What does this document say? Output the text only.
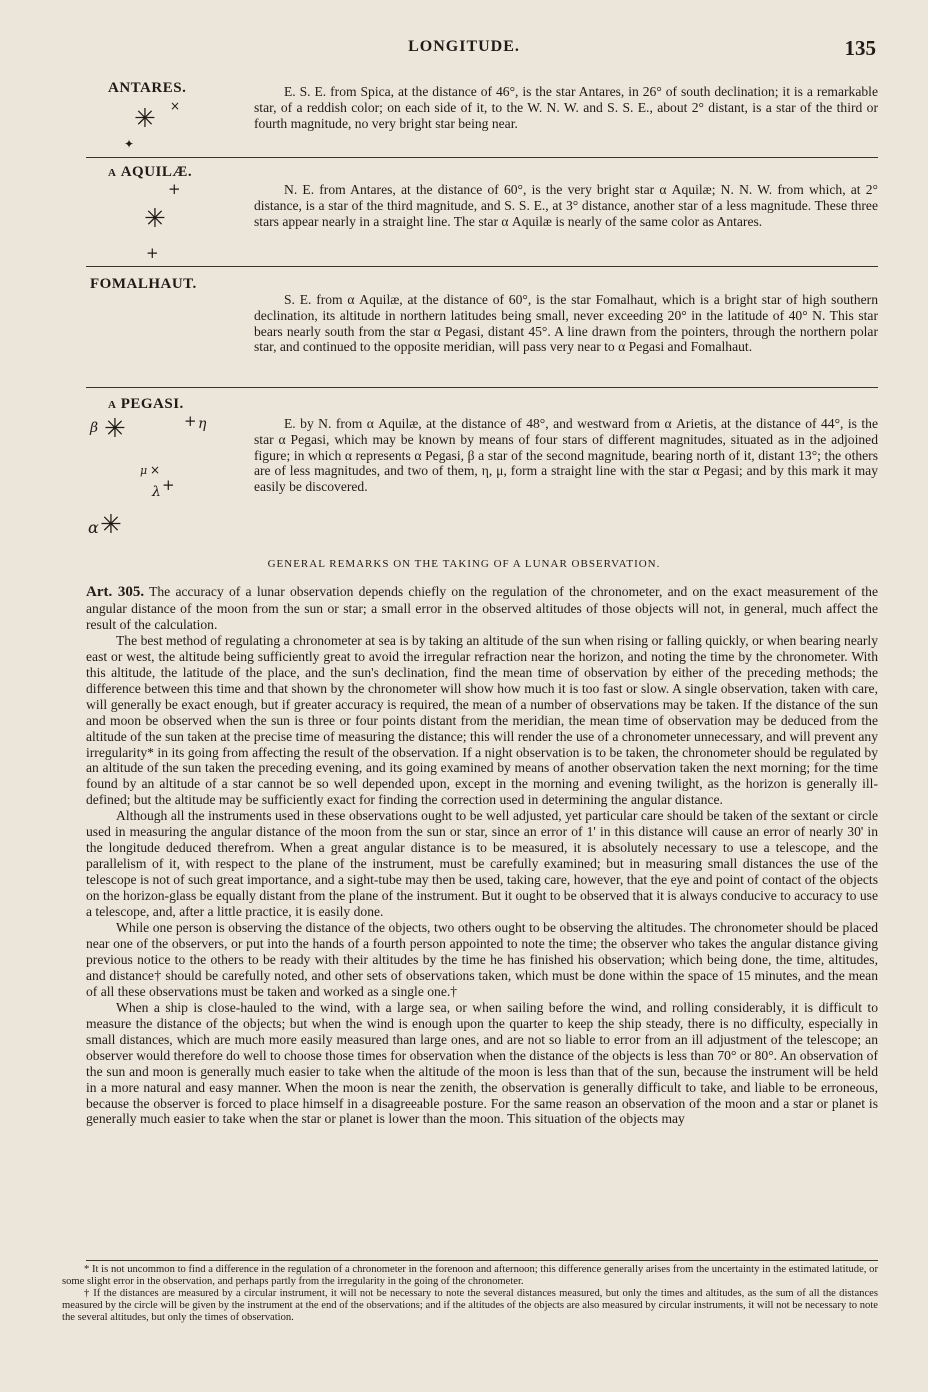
LONGITUDE.	135
ANTARES.
✳ ×
✦

E. S. E. from Spica, at the distance of 46°, is the star Antares, in 26° of south declination; it is a remarkable star, of a reddish color; on each side of it, to the W. N. W. and S. S. E., about 2° distant, is a star of the third or fourth magnitude, no very bright star being near.

α AQUILÆ.
+
✳
+

N. E. from Antares, at the distance of 60°, is the very bright star α Aquilæ; N. N. W. from which, at 2° distance, is a star of the third magnitude, and S. S. E., at 3° distance, another star of a less magnitude. These three stars appear nearly in a straight line. The star α Aquilæ is nearly of the same color as Antares.

FOMALHAUT.

S. E. from α Aquilæ, at the distance of 60°, is the star Fomalhaut, which is a bright star of high southern declination, its altitude in northern latitudes being small, never exceeding 20° in the latitude of 40° N. This star bears nearly south from the star α Pegasi, distant 45°. A line drawn from the pointers, through the northern polar star, and continued to the opposite meridian, will pass very near to α Pegasi and Fomalhaut.

α PEGASI.
β ✳	+ η
μ ×
λ +
α ✳

E. by N. from α Aquilæ, at the distance of 48°, and westward from α Arietis, at the distance of 44°, is the star α Pegasi, which may be known by means of four stars of different magnitudes, situated as in the adjoined figure; in which α represents α Pegasi, β a star of the second magnitude, bearing north of it, distant 13°; the others are of less magnitudes, and two of them, η, μ, form a straight line with the star α Pegasi; and by this mark it may easily be discovered.

GENERAL REMARKS ON THE TAKING OF A LUNAR OBSERVATION.

Art. 305. The accuracy of a lunar observation depends chiefly on the regulation of the chronometer, and on the exact measurement of the angular distance of the moon from the sun or star; a small error in the observed altitudes of those objects will not, in general, much affect the result of the calculation.

The best method of regulating a chronometer at sea is by taking an altitude of the sun when rising or falling quickly, or when bearing nearly east or west, the altitude being sufficiently great to avoid the irregular refraction near the horizon, and noting the time by the chronometer. With this altitude, the latitude of the place, and the sun's declination, find the mean time of observation by either of the preceding methods; the difference between this time and that shown by the chronometer will show how much it is too fast or slow. A single observation, taken with care, will generally be exact enough, but if greater accuracy is required, the mean of a number of observations may be taken. If the distance of the sun and moon be observed when the sun is three or four points distant from the meridian, the mean time of observation may be deduced from the altitude of the sun taken at the precise time of measuring the distance; this will render the use of a chronometer unnecessary, and will prevent any irregularity* in its going from affecting the result of the observation. If a night observation is to be taken, the chronometer should be regulated by an altitude of the sun taken the preceding evening, and its going examined by means of another observation taken the next morning; for the time found by an altitude of a star cannot be so well depended upon, except in the morning and evening twilight, as the horizon is generally ill-defined; but the altitude may be sufficiently exact for finding the correction used in determining the angular distance.

Although all the instruments used in these observations ought to be well adjusted, yet particular care should be taken of the sextant or circle used in measuring the angular distance of the moon from the sun or star, since an error of 1' in this distance will cause an error of nearly 30' in the longitude deduced therefrom. When a great angular distance is to be measured, it is absolutely necessary to use a telescope, and the parallelism of it, with respect to the plane of the instrument, must be carefully examined; but in measuring small distances the use of the telescope is not of such great importance, and a sight-tube may then be used, taking care, however, that the eye and point of contact of the objects on the horizon-glass be equally distant from the plane of the instrument. But it ought to be observed that it is always conducive to accuracy to use a telescope, and, after a little practice, it is easily done.

While one person is observing the distance of the objects, two others ought to be observing the altitudes. The chronometer should be placed near one of the observers, or put into the hands of a fourth person appointed to note the time; the observer who takes the angular distance giving previous notice to the others to be ready with their altitudes by the time he has finished his observation; which being done, the time, altitudes, and distance† should be carefully noted, and other sets of observations taken, which must be done within the space of 15 minutes, and the mean of all these observations must be taken and worked as a single one.†

When a ship is close-hauled to the wind, with a large sea, or when sailing before the wind, and rolling considerably, it is difficult to measure the distance of the objects; but when the wind is enough upon the quarter to keep the ship steady, there is no difficulty, especially in small distances, which are much more easily measured than large ones, and are not so liable to error from an ill adjustment of the telescope; an observer would therefore do well to choose those times for observation when the distance of the objects is less than 70° or 80°. An observation of the sun and moon is generally much easier to take when the altitude of the moon is less than that of the sun, because the instrument will be held in a more natural and easy manner. When the moon is near the zenith, the observation is generally difficult to take, and liable to be erroneous, because the observer is forced to place himself in a disagreeable posture. For the same reason an observation of the moon and a star or planet is generally much easier to take when the star or planet is lower than the moon. This situation of the objects may

* It is not uncommon to find a difference in the regulation of a chronometer in the forenoon and afternoon; this difference generally arises from the uncertainty in the estimated latitude, or some slight error in the observation, and perhaps partly from the irregularity in the going of the chronometer.

† If the distances are measured by a circular instrument, it will not be necessary to note the several distances measured, but only the times and altitudes, as the sum of all the distances measured by the circle will be given by the instrument at the end of the observations; and if the altitudes of the objects are also measured by circular instruments, it will not be necessary to note the several altitudes, but only the times of observation.
